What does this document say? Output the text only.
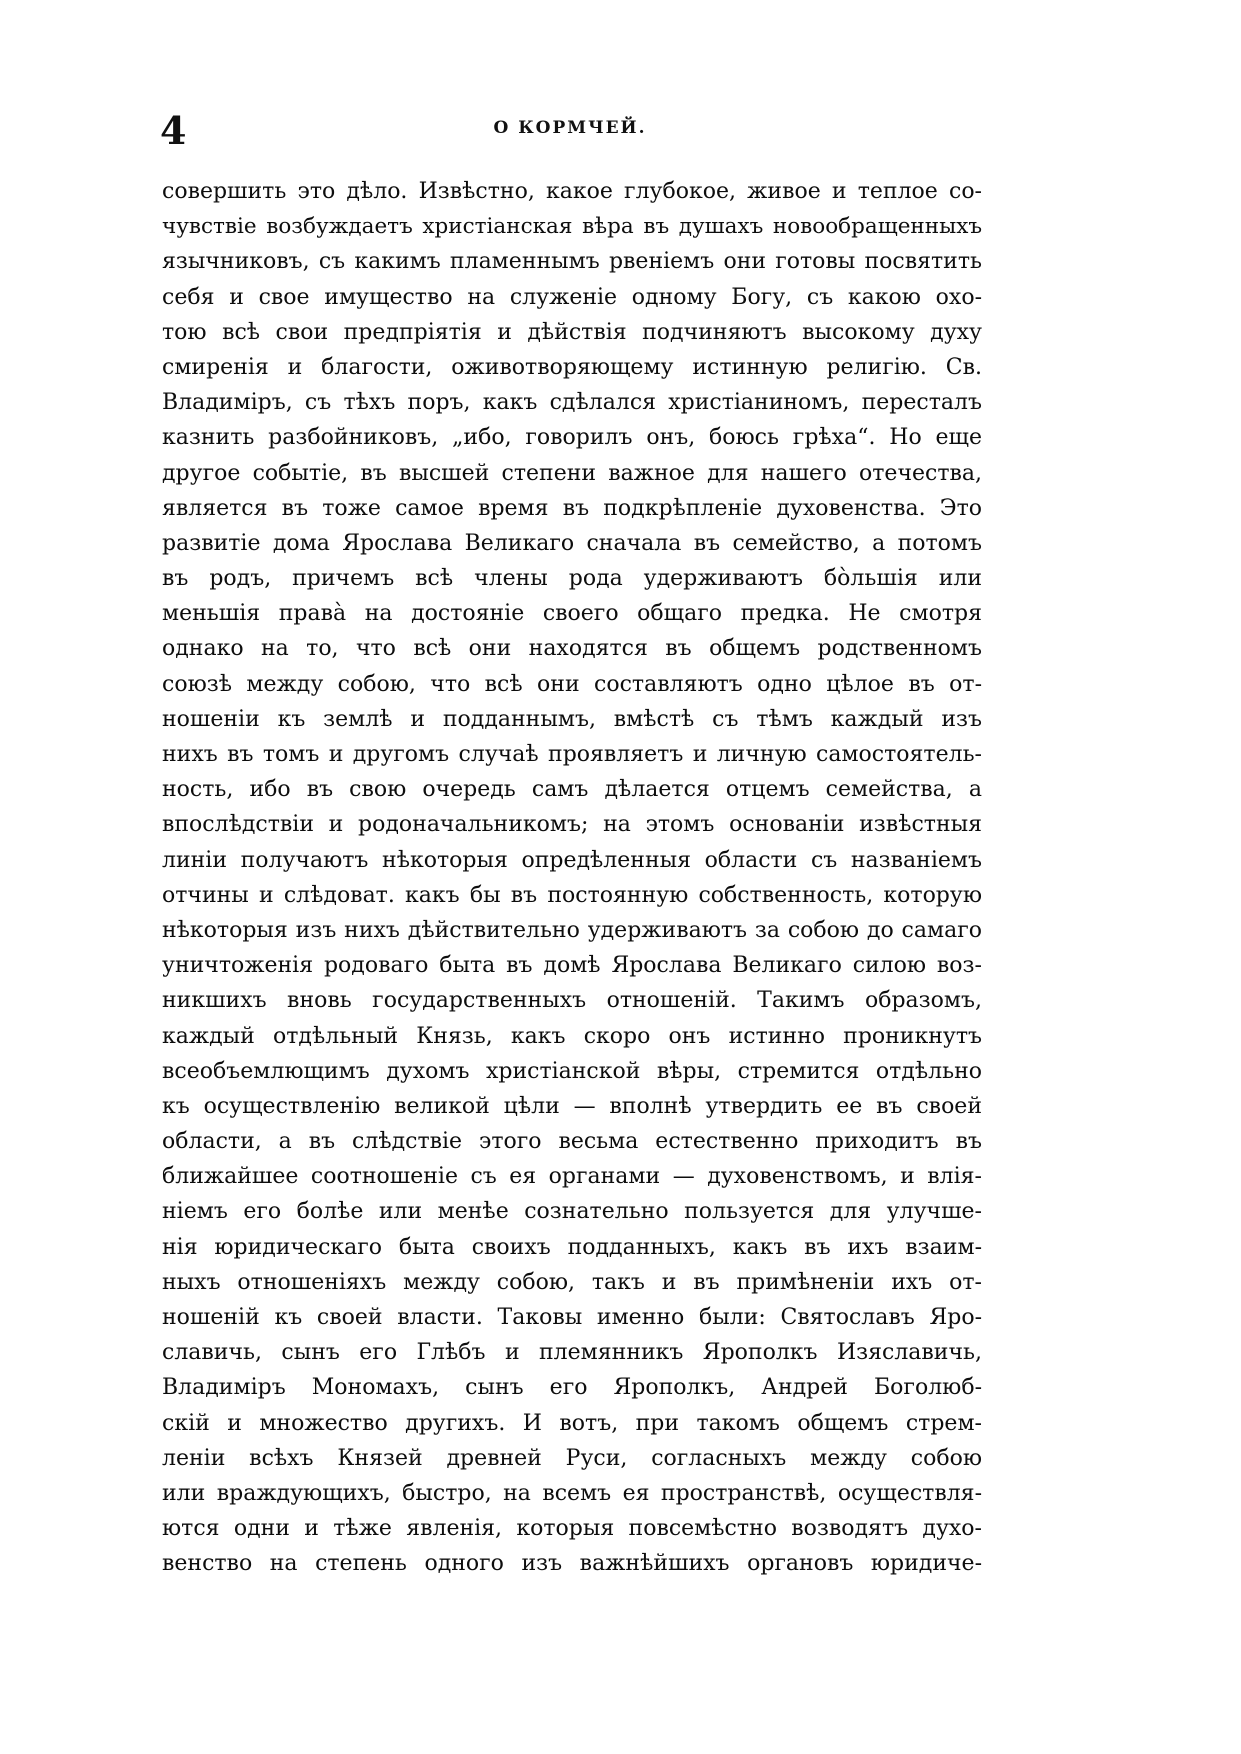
4	О КОРМЧЕЙ.
совершить это дѣло. Извѣстно, какое глубокое, живое и теплое со-
чувствіе возбуждаетъ христіанская вѣра въ душахъ новообращенныхъ
язычниковъ, съ какимъ пламеннымъ рвеніемъ они готовы посвятить
себя и свое имущество на служеніе одному Богу, съ какою охо-
тою всѣ свои предпріятія и дѣйствія подчиняютъ высокому духу
смиренія и благости, оживотворяющему истинную религію. Св.
Владиміръ, съ тѣхъ поръ, какъ сдѣлался христіаниномъ, пересталъ
казнить разбойниковъ, „ибо, говорилъ онъ, боюсь грѣха“. Но еще
другое событіе, въ высшей степени важное для нашего отечества,
является въ тоже самое время въ подкрѣпленіе духовенства. Это
развитіе дома Ярослава Великаго сначала въ семейство, а потомъ
въ родъ, причемъ всѣ члены рода удерживаютъ бо̀льшія или
меньшія права̀ на достояніе своего общаго предка. Не смотря
однако на то, что всѣ они находятся въ общемъ родственномъ
союзѣ между собою, что всѣ они составляютъ одно цѣлое въ от-
ношеніи къ землѣ и подданнымъ, вмѣстѣ съ тѣмъ каждый изъ
нихъ въ томъ и другомъ случаѣ проявляетъ и личную самостоятель-
ность, ибо въ свою очередь самъ дѣлается отцемъ семейства, а
впослѣдствіи и родоначальникомъ; на этомъ основаніи извѣстныя
линіи получаютъ нѣкоторыя опредѣленныя области съ названіемъ
отчины и слѣдоват. какъ бы въ постоянную собственность, которую
нѣкоторыя изъ нихъ дѣйствительно удерживаютъ за собою до самаго
уничтоженія родоваго быта въ домѣ Ярослава Великаго силою воз-
никшихъ вновь государственныхъ отношеній. Такимъ образомъ,
каждый отдѣльный Князь, какъ скоро онъ истинно проникнутъ
всеобъемлющимъ духомъ христіанской вѣры, стремится отдѣльно
къ осуществленію великой цѣли — вполнѣ утвердить ее въ своей
области, а въ слѣдствіе этого весьма естественно приходитъ въ
ближайшее соотношеніе съ ея органами — духовенствомъ, и влія-
ніемъ его болѣе или менѣе сознательно пользуется для улучше-
нія юридическаго быта своихъ подданныхъ, какъ въ ихъ взаим-
ныхъ отношеніяхъ между собою, такъ и въ примѣненіи ихъ от-
ношеній къ своей власти. Таковы именно были: Святославъ Яро-
славичь, сынъ его Глѣбъ и племянникъ Ярополкъ Изяславичь,
Владиміръ Мономахъ, сынъ его Ярополкъ, Андрей Боголюб-
скій и множество другихъ. И вотъ, при такомъ общемъ стрем-
леніи всѣхъ Князей древней Руси, согласныхъ между собою
или враждующихъ, быстро, на всемъ ея пространствѣ, осуществля-
ются одни и тѣже явленія, которыя повсемѣстно возводятъ духо-
венство на степень одного изъ важнѣйшихъ органовъ юридиче-
